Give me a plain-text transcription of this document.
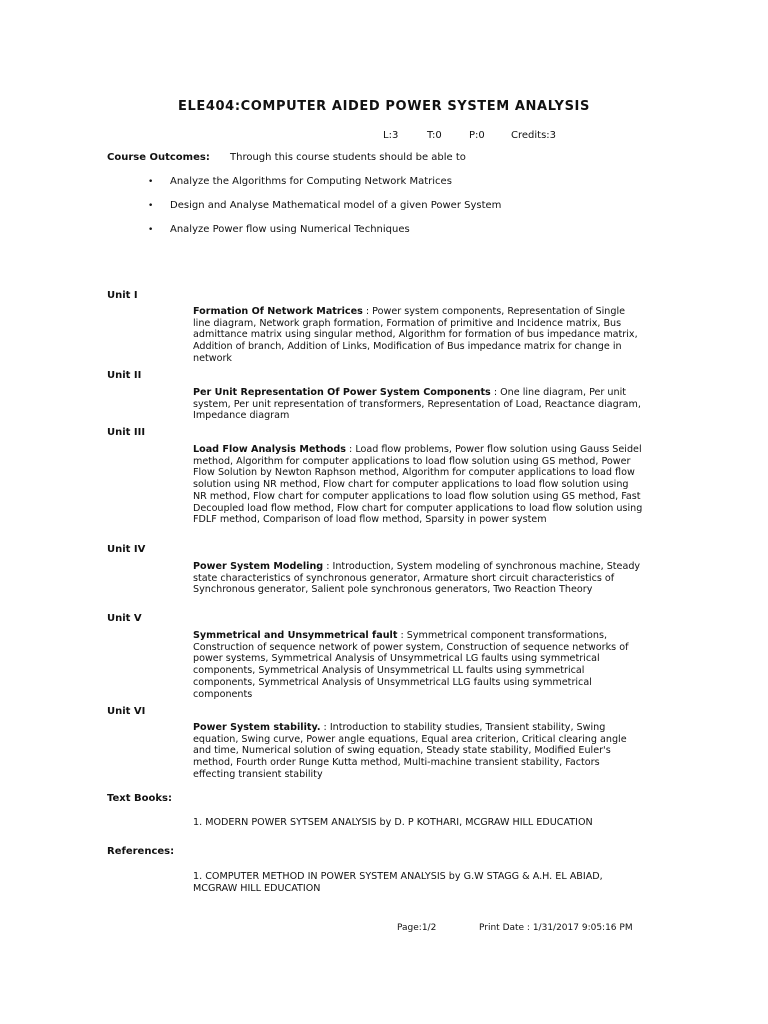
ELE404:COMPUTER AIDED POWER SYSTEM ANALYSIS
L:3	T:0	P:0	Credits:3
Course Outcomes: Through this course students should be able to
• Analyze the Algorithms for Computing Network Matrices
• Design and Analyse Mathematical model of a given Power System
• Analyze Power flow using Numerical Techniques
Unit I
Formation Of Network Matrices : Power system components, Representation of Single line diagram, Network graph formation, Formation of primitive and Incidence matrix, Bus admittance matrix using singular method, Algorithm for formation of bus impedance matrix, Addition of branch, Addition of Links, Modification of Bus impedance matrix for change in network
Unit II
Per Unit Representation Of Power System Components : One line diagram, Per unit system, Per unit representation of transformers, Representation of Load, Reactance diagram, Impedance diagram
Unit III
Load Flow Analysis Methods : Load flow problems, Power flow solution using Gauss Seidel method, Algorithm for computer applications to load flow solution using GS method, Power Flow Solution by Newton Raphson method, Algorithm for computer applications to load flow solution using NR method, Flow chart for computer applications to load flow solution using NR method, Flow chart for computer applications to load flow solution using GS method, Fast Decoupled load flow method, Flow chart for computer applications to load flow solution using FDLF method, Comparison of load flow method, Sparsity in power system
Unit IV
Power System Modeling : Introduction, System modeling of synchronous machine, Steady state characteristics of synchronous generator, Armature short circuit characteristics of Synchronous generator, Salient pole synchronous generators, Two Reaction Theory
Unit V
Symmetrical and Unsymmetrical fault : Symmetrical component transformations, Construction of sequence network of power system, Construction of sequence networks of power systems, Symmetrical Analysis of Unsymmetrical LG faults using symmetrical components, Symmetrical Analysis of Unsymmetrical LL faults using symmetrical components, Symmetrical Analysis of Unsymmetrical LLG faults using symmetrical components
Unit VI
Power System stability. : Introduction to stability studies, Transient stability, Swing equation, Swing curve, Power angle equations, Equal area criterion, Critical clearing angle and time, Numerical solution of swing equation, Steady state stability, Modified Euler's method, Fourth order Runge Kutta method, Multi-machine transient stability, Factors effecting transient stability
Text Books:
1. MODERN POWER SYTSEM ANALYSIS by D. P KOTHARI, MCGRAW HILL EDUCATION
References:
1. COMPUTER METHOD IN POWER SYSTEM ANALYSIS by G.W STAGG & A.H. EL ABIAD, MCGRAW HILL EDUCATION
Page:1/2	Print Date : 1/31/2017 9:05:16 PM
